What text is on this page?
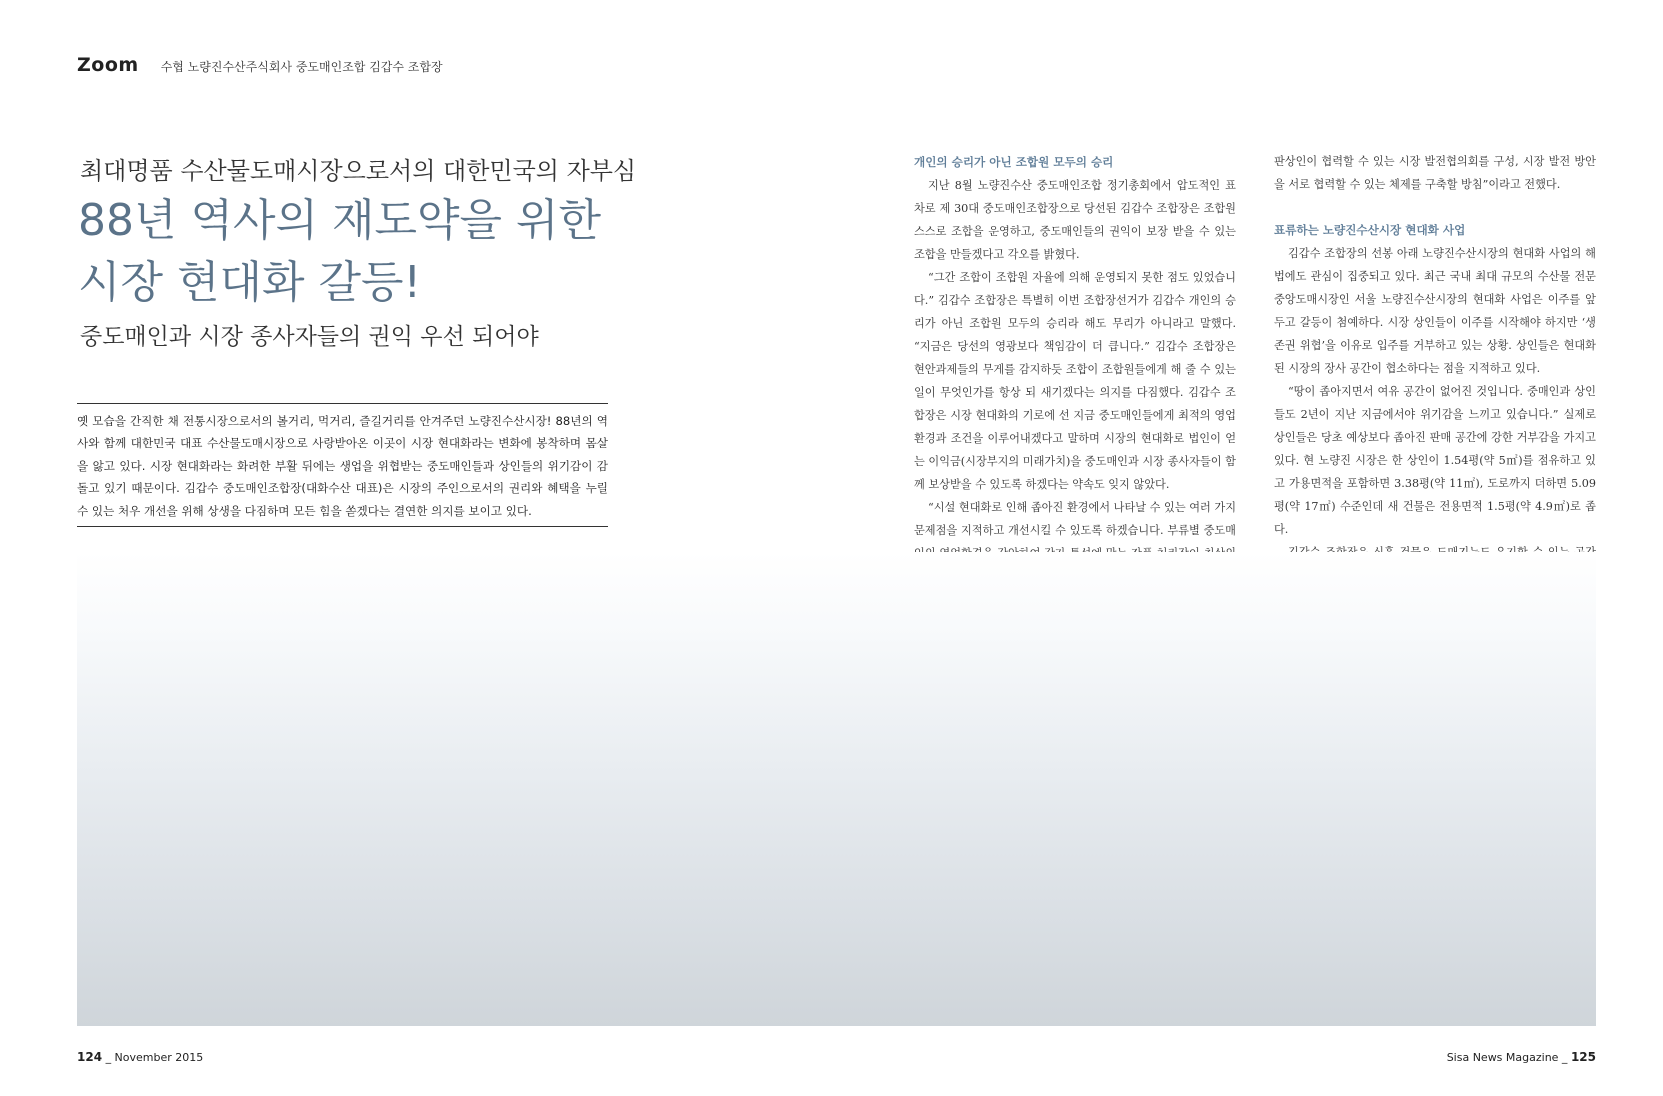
Zoom 수협 노량진수산주식회사 중도매인조합 김갑수 조합장
최대명품 수산물도매시장으로서의 대한민국의 자부심
88년 역사의 재도약을 위한
시장 현대화 갈등!
중도매인과 시장 종사자들의 권익 우선 되어야
옛 모습을 간직한 채 전통시장으로서의 볼거리, 먹거리, 즐길거리를 안겨주던 노량진수산시장! 88년의 역사와 함께 대한민국 대표 수산물도매시장으로 사랑받아온 이곳이 시장 현대화라는 변화에 봉착하며 몸살을 앓고 있다. 시장 현대화라는 화려한 부활 뒤에는 생업을 위협받는 중도매인들과 상인들의 위기감이 감돌고 있기 때문이다. 김갑수 중도매인조합장(대화수산 대표)은 시장의 주인으로서의 권리와 혜택을 누릴 수 있는 처우 개선을 위해 상생을 다짐하며 모든 힘을 쏟겠다는 결연한 의지를 보이고 있다.
개인의 승리가 아닌 조합원 모두의 승리

지난 8월 노량진수산 중도매인조합 정기총회에서 압도적인 표차로 제 30대 중도매인조합장으로 당선된 김갑수 조합장은 조합원 스스로 조합을 운영하고, 중도매인들의 권익이 보장 받을 수 있는 조합을 만들겠다고 각오를 밝혔다.

“그간 조합이 조합원 자율에 의해 운영되지 못한 점도 있었습니다.” 김갑수 조합장은 특별히 이번 조합장선거가 김갑수 개인의 승리가 아닌 조합원 모두의 승리라 해도 무리가 아니라고 말했다. “지금은 당선의 영광보다 책임감이 더 큽니다.” 김갑수 조합장은 현안과제들의 무게를 감지하듯 조합이 조합원들에게 해 줄 수 있는 일이 무엇인가를 항상 되 새기겠다는 의지를 다짐했다. 김갑수 조합장은 시장 현대화의 기로에 선 지금 중도매인들에게 최적의 영업환경과 조건을 이루어내겠다고 말하며 시장의 현대화로 법인이 얻는 이익금(시장부지의 미래가치)을 중도매인과 시장 종사자들이 함께 보상받을 수 있도록 하겠다는 약속도 잊지 않았다.

“시설 현대화로 인해 좁아진 환경에서 나타날 수 있는 여러 가지 문제점을 지적하고 개선시킬 수 있도록 하겠습니다. 부류별 중도매

판상인이 협력할 수 있는 시장 발전협의회를 구성, 시장 발전 방안을 서로 협력할 수 있는 체제를 구축할 방침”이라고 전했다.

표류하는 노량진수산시장 현대화 사업

김갑수 조합장의 선봉 아래 노량진수산시장의 현대화 사업의 해법에도 관심이 집중되고 있다. 최근 국내 최대 규모의 수산물 전문 중앙도매시장인 서울 노량진수산시장의 현대화 사업은 이주를 앞두고 갈등이 첨예하다. 시장 상인들이 이주를 시작해야 하지만 ‘생존권 위협’을 이유로 입주를 거부하고 있는 상황. 상인들은 현대화된 시장의 장사 공간이 협소하다는 점을 지적하고 있다.

“땅이 좁아지면서 여유 공간이 없어진 것입니다. 중매인과 상인들도 2년이 지난 지금에서야 위기감을 느끼고 있습니다.” 실제로 상인들은 당초 예상보다 좁아진 판매 공간에 강한 거부감을 가지고 있다. 현 노량진 시장은 한 상인이 1.54평(약 5㎡)를 점유하고 있고 가용면적을 포함하면 3.38평(약 11㎡), 도로까지 더하면 5.09평(약 17㎡) 수준인데 새 건물은 전용면적 1.5평(약 4.9㎡)로 좁다.

124 _ November 2015	Sisa News Magazine _ 125
